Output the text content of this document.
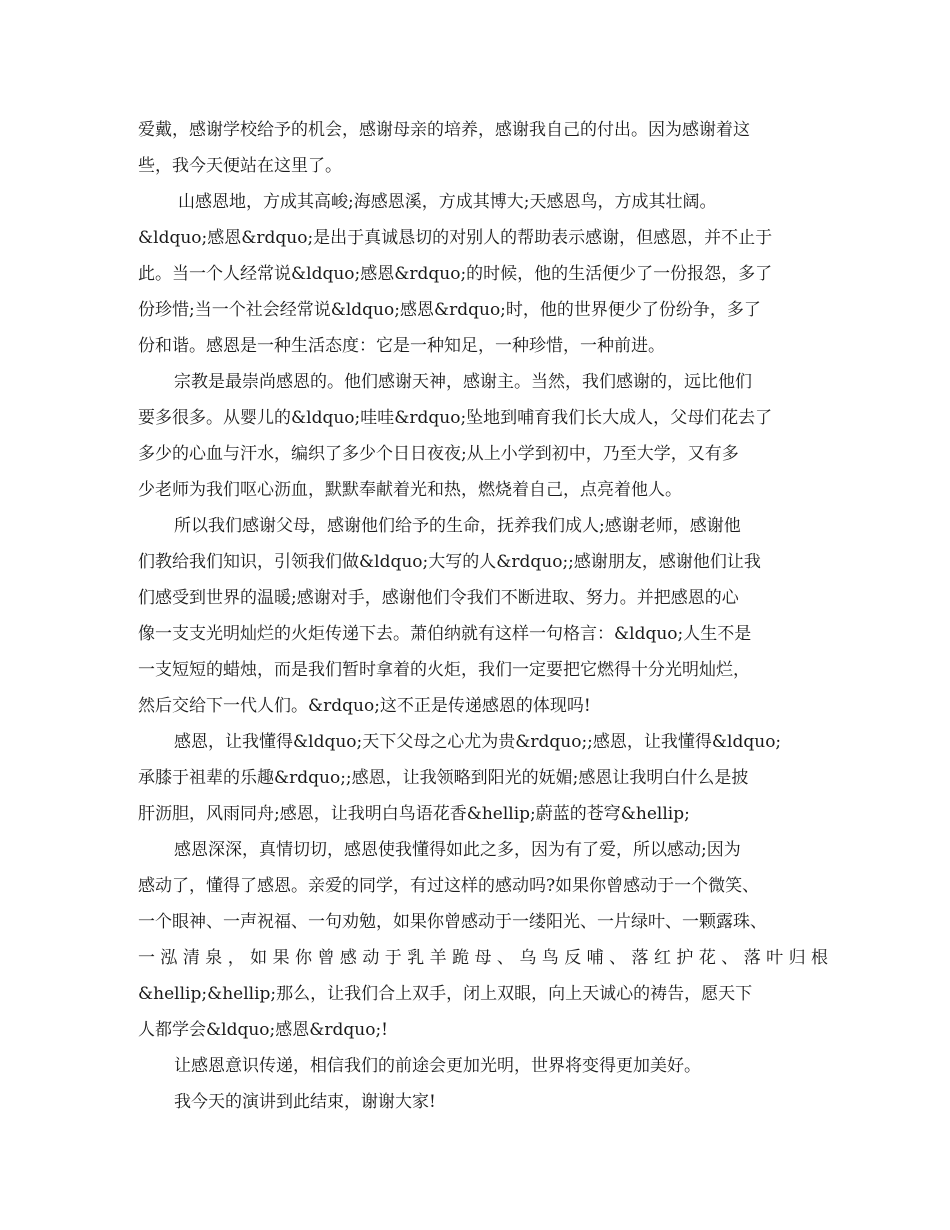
爱戴，感谢学校给予的机会，感谢母亲的培养，感谢我自己的付出。因为感谢着这
些，我今天便站在这里了。
山感恩地，方成其高峻;海感恩溪，方成其博大;天感恩鸟，方成其壮阔。
&ldquo;感恩&rdquo;是出于真诚恳切的对别人的帮助表示感谢，但感恩，并不止于
此。当一个人经常说&ldquo;感恩&rdquo;的时候，他的生活便少了一份报怨，多了
份珍惜;当一个社会经常说&ldquo;感恩&rdquo;时，他的世界便少了份纷争，多了
份和谐。感恩是一种生活态度：它是一种知足，一种珍惜，一种前进。
宗教是最崇尚感恩的。他们感谢天神，感谢主。当然，我们感谢的，远比他们
要多很多。从婴儿的&ldquo;哇哇&rdquo;坠地到哺育我们长大成人，父母们花去了
多少的心血与汗水，编织了多少个日日夜夜;从上小学到初中，乃至大学，又有多
少老师为我们呕心沥血，默默奉献着光和热，燃烧着自己，点亮着他人。
所以我们感谢父母，感谢他们给予的生命，抚养我们成人;感谢老师，感谢他
们教给我们知识，引领我们做&ldquo;大写的人&rdquo;;感谢朋友，感谢他们让我
们感受到世界的温暖;感谢对手，感谢他们令我们不断进取、努力。并把感恩的心
像一支支光明灿烂的火炬传递下去。萧伯纳就有这样一句格言：&ldquo;人生不是
一支短短的蜡烛，而是我们暂时拿着的火炬，我们一定要把它燃得十分光明灿烂，
然后交给下一代人们。&rdquo;这不正是传递感恩的体现吗!
感恩，让我懂得&ldquo;天下父母之心尤为贵&rdquo;;感恩，让我懂得&ldquo;
承膝于祖辈的乐趣&rdquo;;感恩，让我领略到阳光的妩媚;感恩让我明白什么是披
肝沥胆，风雨同舟;感恩，让我明白鸟语花香&hellip;蔚蓝的苍穹&hellip;
感恩深深，真情切切，感恩使我懂得如此之多，因为有了爱，所以感动;因为
感动了，懂得了感恩。亲爱的同学，有过这样的感动吗?如果你曾感动于一个微笑、
一个眼神、一声祝福、一句劝勉，如果你曾感动于一缕阳光、一片绿叶、一颗露珠、
一泓清泉，如果你曾感动于乳羊跪母、乌鸟反哺、落红护花、落叶归根
&hellip;&hellip;那么，让我们合上双手，闭上双眼，向上天诚心的祷告，愿天下
人都学会&ldquo;感恩&rdquo;!
让感恩意识传递，相信我们的前途会更加光明，世界将变得更加美好。
我今天的演讲到此结束，谢谢大家!
